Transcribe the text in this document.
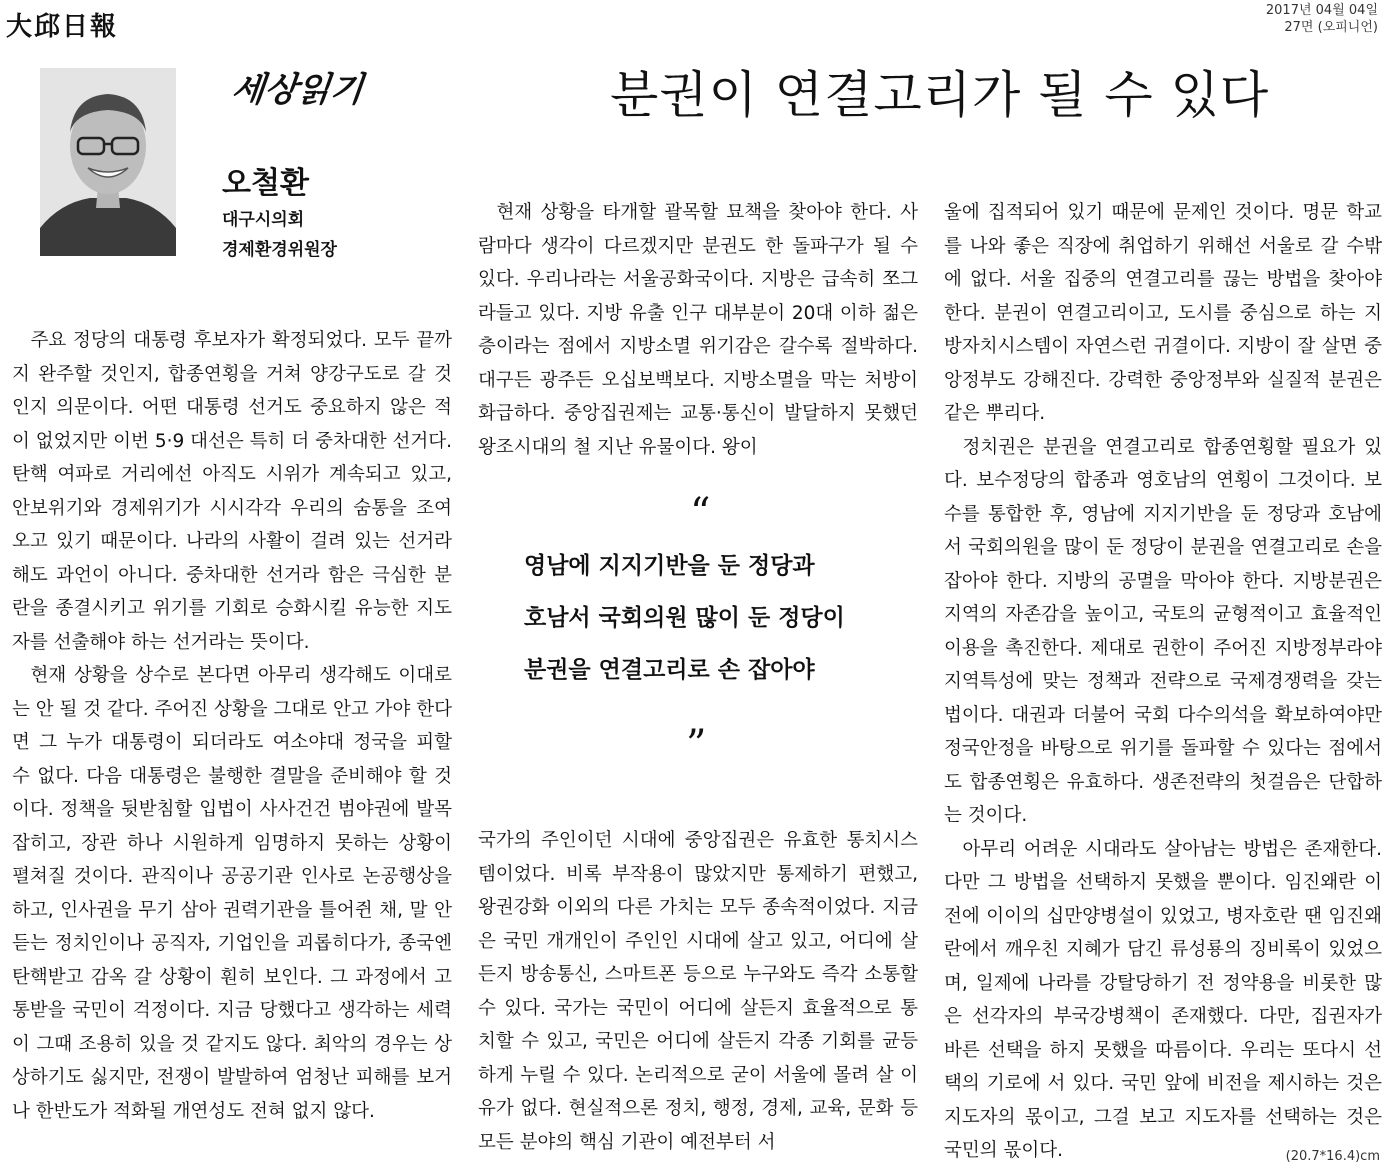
大邱日報
2017년 04월 04일
27면 (오피니언)
세상읽기
오철환
대구시의회
경제환경위원장
분권이 연결고리가 될 수 있다

주요 정당의 대통령 후보자가 확정되었다. 모두 끝까지 완주할 것인지, 합종연횡을 거쳐 양강구도로 갈 것인지 의문이다. 어떤 대통령 선거도 중요하지 않은 적이 없었지만 이번 5·9 대선은 특히 더 중차대한 선거다. 탄핵 여파로 거리에선 아직도 시위가 계속되고 있고, 안보위기와 경제위기가 시시각각 우리의 숨통을 조여오고 있기 때문이다. 나라의 사활이 걸려 있는 선거라 해도 과언이 아니다. 중차대한 선거라 함은 극심한 분란을 종결시키고 위기를 기회로 승화시킬 유능한 지도자를 선출해야 하는 선거라는 뜻이다.

현재 상황을 상수로 본다면 아무리 생각해도 이대로는 안 될 것 같다. 주어진 상황을 그대로 안고 가야 한다면 그 누가 대통령이 되더라도 여소야대 정국을 피할 수 없다. 다음 대통령은 불행한 결말을 준비해야 할 것이다. 정책을 뒷받침할 입법이 사사건건 범야권에 발목 잡히고, 장관 하나 시원하게 임명하지 못하는 상황이 펼쳐질 것이다. 관직이나 공공기관 인사로 논공행상을 하고, 인사권을 무기 삼아 권력기관을 틀어쥔 채, 말 안 듣는 정치인이나 공직자, 기업인을 괴롭히다가, 종국엔 탄핵받고 감옥 갈 상황이 훤히 보인다. 그 과정에서 고통받을 국민이 걱정이다. 지금 당했다고 생각하는 세력이 그때 조용히 있을 것 같지도 않다. 최악의 경우는 상상하기도 싫지만, 전쟁이 발발하여 엄청난 피해를 보거나 한반도가 적화될 개연성도 전혀 없지 않다.

현재 상황을 타개할 괄목할 묘책을 찾아야 한다. 사람마다 생각이 다르겠지만 분권도 한 돌파구가 될 수 있다. 우리나라는 서울공화국이다. 지방은 급속히 쪼그라들고 있다. 지방 유출 인구 대부분이 20대 이하 젊은 층이라는 점에서 지방소멸 위기감은 갈수록 절박하다. 대구든 광주든 오십보백보다. 지방소멸을 막는 처방이 화급하다. 중앙집권제는 교통·통신이 발달하지 못했던 왕조시대의 철 지난 유물이다. 왕이

“
영남에 지지기반을 둔 정당과
호남서 국회의원 많이 둔 정당이
분권을 연결고리로 손 잡아야
”

국가의 주인이던 시대에 중앙집권은 유효한 통치시스템이었다. 비록 부작용이 많았지만 통제하기 편했고, 왕권강화 이외의 다른 가치는 모두 종속적이었다. 지금은 국민 개개인이 주인인 시대에 살고 있고, 어디에 살든지 방송통신, 스마트폰 등으로 누구와도 즉각 소통할 수 있다. 국가는 국민이 어디에 살든지 효율적으로 통치할 수 있고, 국민은 어디에 살든지 각종 기회를 균등하게 누릴 수 있다. 논리적으로 굳이 서울에 몰려 살 이유가 없다. 현실적으론 정치, 행정, 경제, 교육, 문화 등 모든 분야의 핵심 기관이 예전부터 서

울에 집적되어 있기 때문에 문제인 것이다. 명문 학교를 나와 좋은 직장에 취업하기 위해선 서울로 갈 수밖에 없다. 서울 집중의 연결고리를 끊는 방법을 찾아야 한다. 분권이 연결고리이고, 도시를 중심으로 하는 지방자치시스템이 자연스런 귀결이다. 지방이 잘 살면 중앙정부도 강해진다. 강력한 중앙정부와 실질적 분권은 같은 뿌리다.

정치권은 분권을 연결고리로 합종연횡할 필요가 있다. 보수정당의 합종과 영호남의 연횡이 그것이다. 보수를 통합한 후, 영남에 지지기반을 둔 정당과 호남에서 국회의원을 많이 둔 정당이 분권을 연결고리로 손을 잡아야 한다. 지방의 공멸을 막아야 한다. 지방분권은 지역의 자존감을 높이고, 국토의 균형적이고 효율적인 이용을 촉진한다. 제대로 권한이 주어진 지방정부라야 지역특성에 맞는 정책과 전략으로 국제경쟁력을 갖는 법이다. 대권과 더불어 국회 다수의석을 확보하여야만 정국안정을 바탕으로 위기를 돌파할 수 있다는 점에서도 합종연횡은 유효하다. 생존전략의 첫걸음은 단합하는 것이다.

아무리 어려운 시대라도 살아남는 방법은 존재한다. 다만 그 방법을 선택하지 못했을 뿐이다. 임진왜란 이전에 이이의 십만양병설이 있었고, 병자호란 땐 임진왜란에서 깨우친 지혜가 담긴 류성룡의 징비록이 있었으며, 일제에 나라를 강탈당하기 전 정약용을 비롯한 많은 선각자의 부국강병책이 존재했다. 다만, 집권자가 바른 선택을 하지 못했을 따름이다. 우리는 또다시 선택의 기로에 서 있다. 국민 앞에 비전을 제시하는 것은 지도자의 몫이고, 그걸 보고 지도자를 선택하는 것은 국민의 몫이다.	(20.7*16.4)cm
